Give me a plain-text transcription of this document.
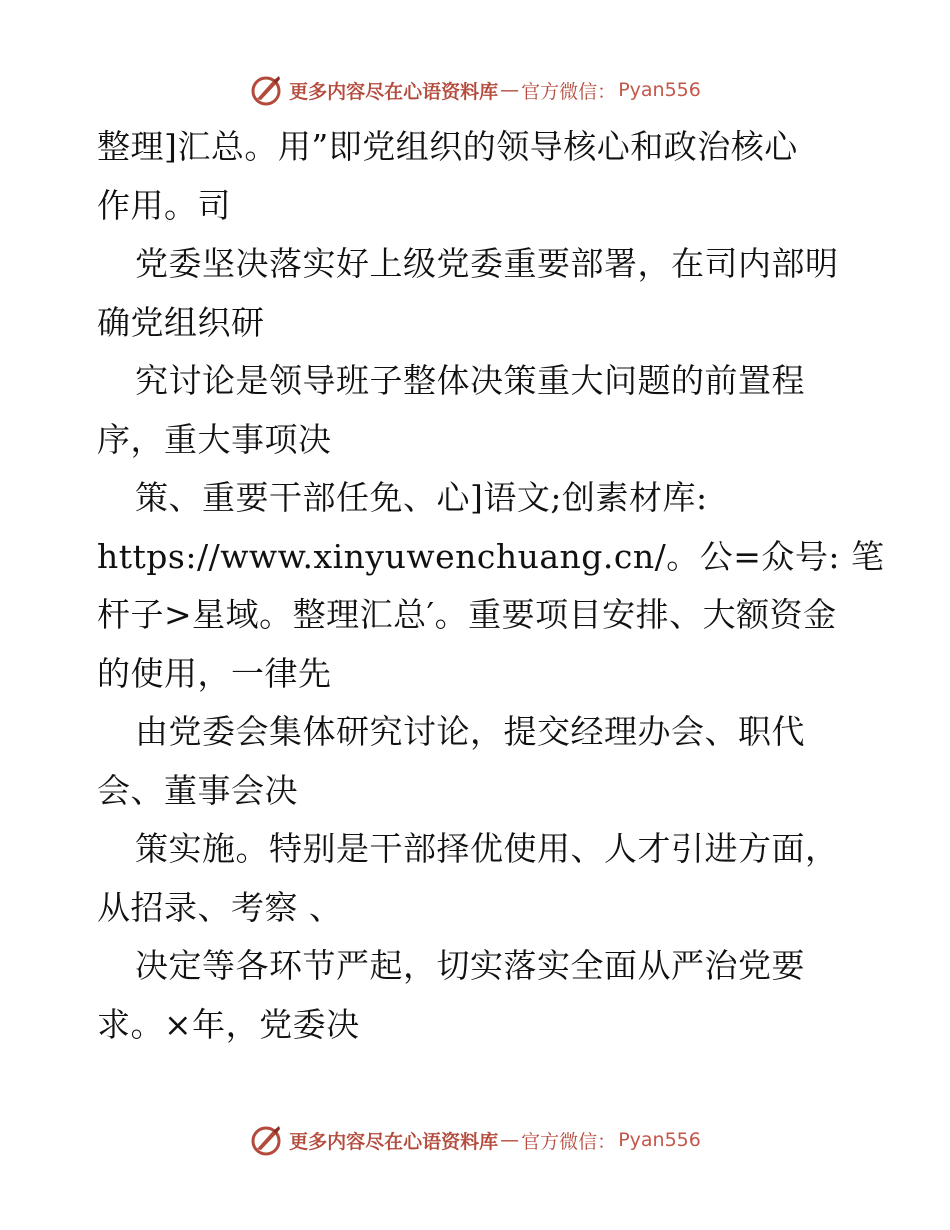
更多内容尽在心语资料库 — 官方微信： Pyan556
整理]汇总。用”即党组织的领导核心和政治核心
作用。司
党委坚决落实好上级党委重要部署，在司内部明
确党组织研
究讨论是领导班子整体决策重大问题的前置程
序，重大事项决
策、重要干部任免、心]语文;创素材库:
https://www.xinyuwenchuang.cn/。公=众号: 笔
杆子>星域。整理汇总′。重要项目安排、大额资金
的使用，一律先
由党委会集体研究讨论，提交经理办会、职代
会、董事会决
策实施。特别是干部择优使用、人才引进方面，
从招录、考察 、
决定等各环节严起，切实落实全面从严治党要
求。×年，党委决
更多内容尽在心语资料库 — 官方微信： Pyan556
